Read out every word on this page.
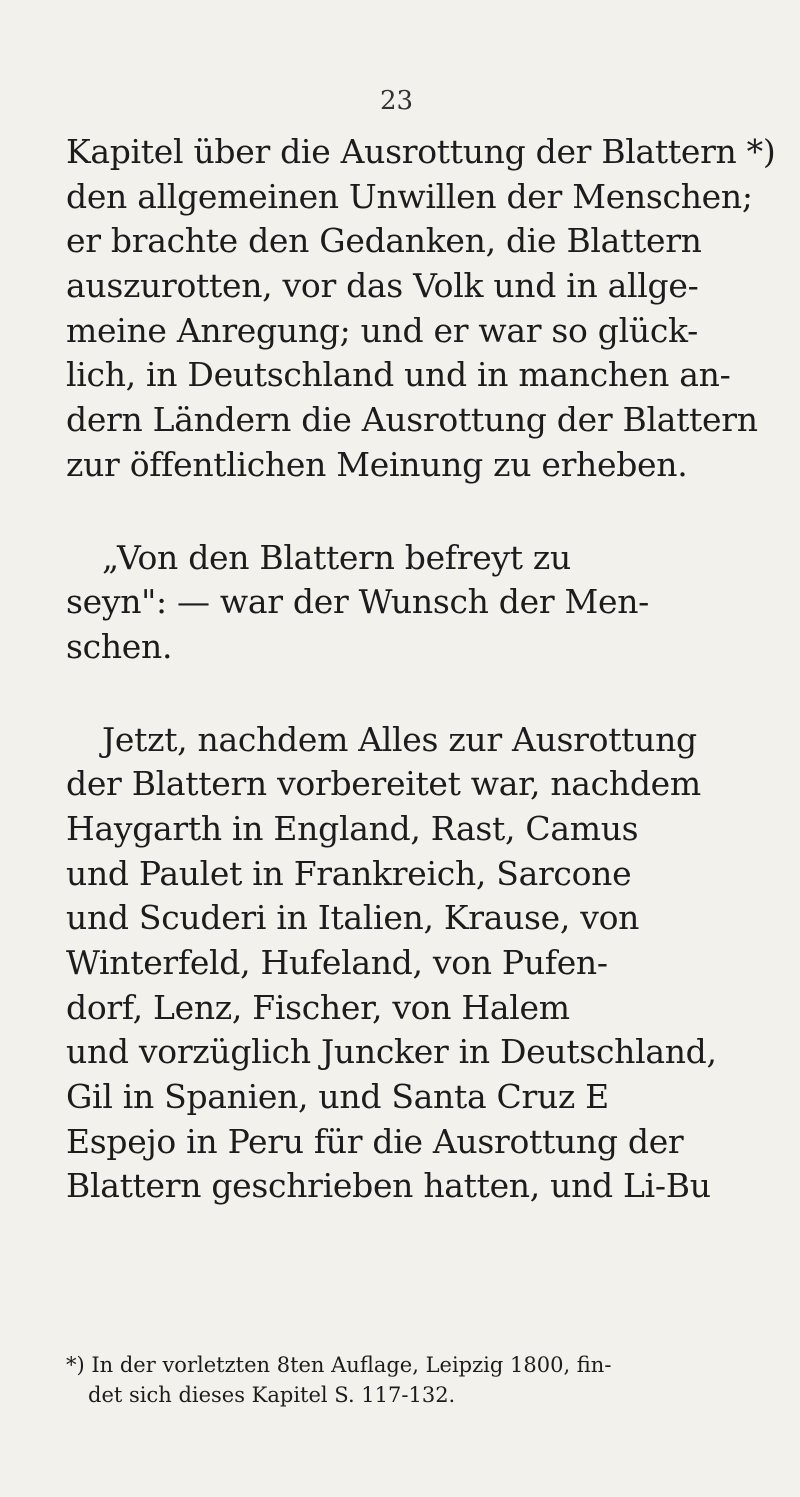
23
Kapitel über die Ausrottung der Blattern *)
den allgemeinen Unwillen der Menschen;
er brachte den Gedanken, die Blattern
auszurotten, vor das Volk und in allge-
meine Anregung; und er war so glück-
lich, in Deutschland und in manchen an-
dern Ländern die Ausrottung der Blattern
zur öffentlichen Meinung zu erheben.
„Von den Blattern befreyt zu
seyn": — war der Wunsch der Men-
schen.
Jetzt, nachdem Alles zur Ausrottung
der Blattern vorbereitet war, nachdem
Haygarth in England, Rast, Camus
und Paulet in Frankreich, Sarcone
und Scuderi in Italien, Krause, von
Winterfeld, Hufeland, von Pufen-
dorf, Lenz, Fischer, von Halem
und vorzüglich Juncker in Deutschland,
Gil in Spanien, und Santa Cruz E
Espejo in Peru für die Ausrottung der
Blattern geschrieben hatten, und Li-Bu
*) In der vorletzten 8ten Auflage, Leipzig 1800, fin-
det sich dieses Kapitel S. 117-132.
